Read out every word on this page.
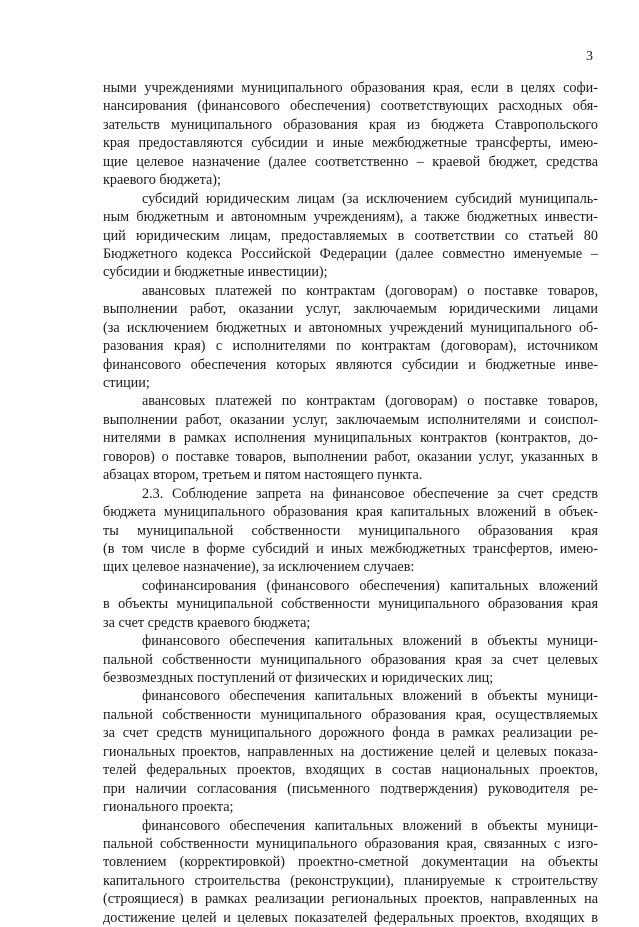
3
ными учреждениями муниципального образования края, если в целях софи-
нансирования (финансового обеспечения) соответствующих расходных обя-
зательств муниципального образования края из бюджета Ставропольского
края предоставляются субсидии и иные межбюджетные трансферты, имею-
щие целевое назначение (далее соответственно – краевой бюджет, средства
краевого бюджета);
субсидий юридическим лицам (за исключением субсидий муниципаль-
ным бюджетным и автономным учреждениям), а также бюджетных инвести-
ций юридическим лицам, предоставляемых в соответствии со статьей 80
Бюджетного кодекса Российской Федерации (далее совместно именуемые –
субсидии и бюджетные инвестиции);
авансовых платежей по контрактам (договорам) о поставке товаров,
выполнении работ, оказании услуг, заключаемым юридическими лицами
(за исключением бюджетных и автономных учреждений муниципального об-
разования края) с исполнителями по контрактам (договорам), источником
финансового обеспечения которых являются субсидии и бюджетные инве-
стиции;
авансовых платежей по контрактам (договорам) о поставке товаров,
выполнении работ, оказании услуг, заключаемым исполнителями и соиспол-
нителями в рамках исполнения муниципальных контрактов (контрактов, до-
говоров) о поставке товаров, выполнении работ, оказании услуг, указанных в
абзацах втором, третьем и пятом настоящего пункта.
2.3. Соблюдение запрета на финансовое обеспечение за счет средств
бюджета муниципального образования края капитальных вложений в объек-
ты муниципальной собственности муниципального образования края
(в том числе в форме субсидий и иных межбюджетных трансфертов, имею-
щих целевое назначение), за исключением случаев:
софинансирования (финансового обеспечения) капитальных вложений
в объекты муниципальной собственности муниципального образования края
за счет средств краевого бюджета;
финансового обеспечения капитальных вложений в объекты муници-
пальной собственности муниципального образования края за счет целевых
безвозмездных поступлений от физических и юридических лиц;
финансового обеспечения капитальных вложений в объекты муници-
пальной собственности муниципального образования края, осуществляемых
за счет средств муниципального дорожного фонда в рамках реализации ре-
гиональных проектов, направленных на достижение целей и целевых показа-
телей федеральных проектов, входящих в состав национальных проектов,
при наличии согласования (письменного подтверждения) руководителя ре-
гионального проекта;
финансового обеспечения капитальных вложений в объекты муници-
пальной собственности муниципального образования края, связанных с изго-
товлением (корректировкой) проектно-сметной документации на объекты
капитального строительства (реконструкции), планируемые к строительству
(строящиеся) в рамках реализации региональных проектов, направленных на
достижение целей и целевых показателей федеральных проектов, входящих в
